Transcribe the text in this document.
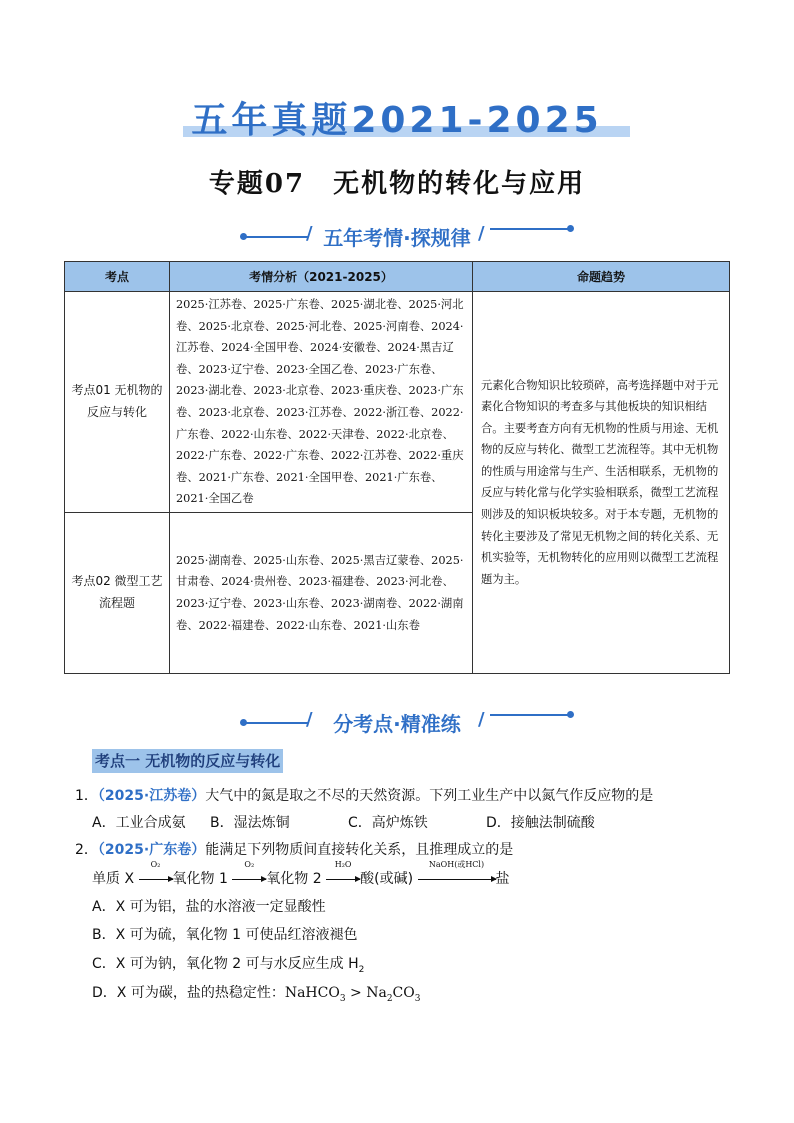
五年真题2021-2025
专题07　无机物的转化与应用
/ 五年考情·探规律 /
考点	考情分析（2021-2025）	命题趋势
考点01 无机物的反应与转化	2025·江苏卷、2025·广东卷、2025·湖北卷、2025·河北卷、2025·北京卷、2025·河北卷、2025·河南卷、2024·江苏卷、2024·全国甲卷、2024·安徽卷、2024·黑吉辽卷、2023·辽宁卷、2023·全国乙卷、2023·广东卷、2023·湖北卷、2023·北京卷、2023·重庆卷、2023·广东卷、2023·北京卷、2023·江苏卷、2022·浙江卷、2022·广东卷、2022·山东卷、2022·天津卷、2022·北京卷、2022·广东卷、2022·广东卷、2022·江苏卷、2022·重庆卷、2021·广东卷、2021·全国甲卷、2021·广东卷、2021·全国乙卷	元素化合物知识比较琐碎，高考选择题中对于元素化合物知识的考查多与其他板块的知识相结合。主要考查方向有无机物的性质与用途、无机物的反应与转化、微型工艺流程等。其中无机物的性质与用途常与生产、生活相联系，无机物的反应与转化常与化学实验相联系，微型工艺流程则涉及的知识板块较多。对于本专题，无机物的转化主要涉及了常见无机物之间的转化关系、无机实验等，无机物转化的应用则以微型工艺流程题为主。
考点02 微型工艺流程题	2025·湖南卷、2025·山东卷、2025·黑吉辽蒙卷、2025·甘肃卷、2024·贵州卷、2023·福建卷、2023·河北卷、2023·辽宁卷、2023·山东卷、2023·湖南卷、2022·湖南卷、2022·福建卷、2022·山东卷、2021·山东卷	
/	分考点·精准练 /
考点一 无机物的反应与转化
1．（2025·江苏卷）大气中的氮是取之不尽的天然资源。下列工业生产中以氮气作反应物的是
A．工业合成氨 B．湿法炼铜	C．高炉炼铁	D．接触法制硫酸
2．（2025·广东卷）能满足下列物质间直接转化关系，且推理成立的是
单质 X
O₂
氧化物 1
O₂
氧化物 2
H₂O
酸(或碱)
NaOH(或HCl)
盐
A．X 可为铝，盐的水溶液一定显酸性
B．X 可为硫，氧化物 1 可使品红溶液褪色
C．X 可为钠，氧化物 2 可与水反应生成 $H_2$
D．X 可为碳，盐的热稳定性：NaHCO$_3$ > $Na_2CO_3$
